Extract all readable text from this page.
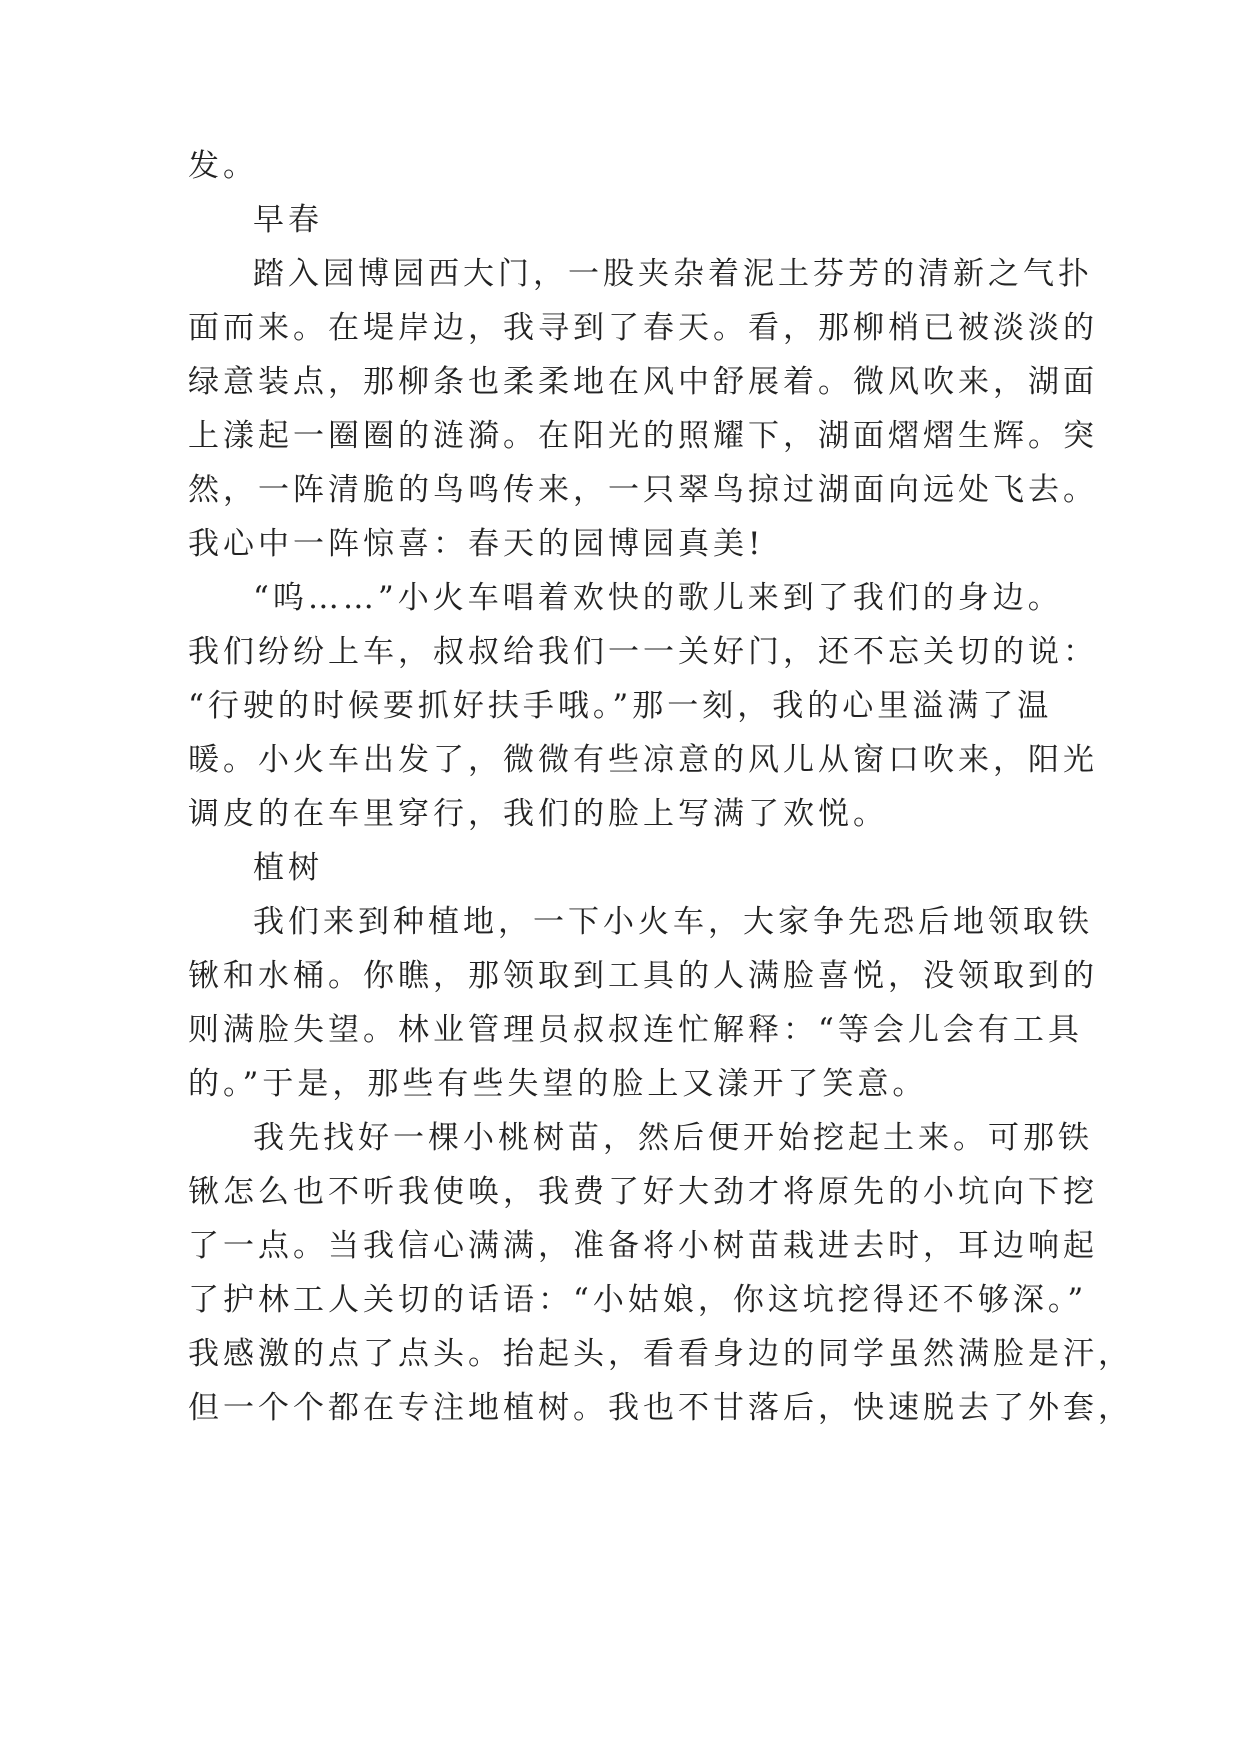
发。
早春
踏入园博园西大门，一股夹杂着泥土芬芳的清新之气扑
面而来。在堤岸边，我寻到了春天。看，那柳梢已被淡淡的
绿意装点，那柳条也柔柔地在风中舒展着。微风吹来，湖面
上漾起一圈圈的涟漪。在阳光的照耀下，湖面熠熠生辉。突
然，一阵清脆的鸟鸣传来，一只翠鸟掠过湖面向远处飞去。
我心中一阵惊喜：春天的园博园真美!
“呜……”小火车唱着欢快的歌儿来到了我们的身边。
我们纷纷上车，叔叔给我们一一关好门，还不忘关切的说：
“行驶的时候要抓好扶手哦。”那一刻，我的心里溢满了温
暖。小火车出发了，微微有些凉意的风儿从窗口吹来，阳光
调皮的在车里穿行，我们的脸上写满了欢悦。
植树
我们来到种植地，一下小火车，大家争先恐后地领取铁
锹和水桶。你瞧，那领取到工具的人满脸喜悦，没领取到的
则满脸失望。林业管理员叔叔连忙解释：“等会儿会有工具
的。”于是，那些有些失望的脸上又漾开了笑意。
我先找好一棵小桃树苗，然后便开始挖起土来。可那铁
锹怎么也不听我使唤，我费了好大劲才将原先的小坑向下挖
了一点。当我信心满满，准备将小树苗栽进去时，耳边响起
了护林工人关切的话语：“小姑娘，你这坑挖得还不够深。”
我感激的点了点头。抬起头，看看身边的同学虽然满脸是汗，
但一个个都在专注地植树。我也不甘落后，快速脱去了外套，
